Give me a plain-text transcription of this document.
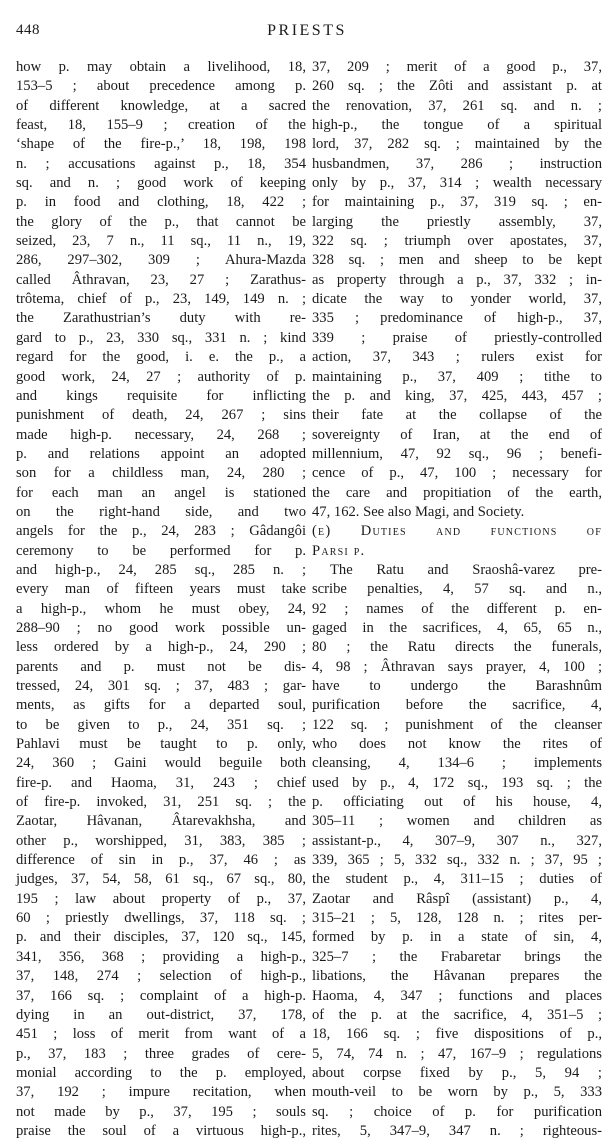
448	PRIESTS
how p. may obtain a livelihood, 18,
153–5 ; about precedence among p.
of different knowledge, at a sacred
feast, 18, 155–9 ; creation of the
‘shape of the fire-p.,’ 18, 198, 198
n. ; accusations against p., 18, 354
sq. and n. ; good work of keeping
p. in food and clothing, 18, 422 ;
the glory of the p., that cannot be
seized, 23, 7 n., 11 sq., 11 n., 19,
286, 297–302, 309 ; Ahura-Mazda
called Âthravan, 23, 27 ; Zarathus-
trôtema, chief of p., 23, 149, 149 n. ;
the Zarathustrian’s duty with re-
gard to p., 23, 330 sq., 331 n. ; kind
regard for the good, i. e. the p., a
good work, 24, 27 ; authority of p.
and kings requisite for inflicting
punishment of death, 24, 267 ; sins
made high-p. necessary, 24, 268 ;
p. and relations appoint an adopted
son for a childless man, 24, 280 ;
for each man an angel is stationed
on the right-hand side, and two
angels for the p., 24, 283 ; Gâdangôi
ceremony to be performed for p.
and high-p., 24, 285 sq., 285 n. ;
every man of fifteen years must take
a high-p., whom he must obey, 24,
288–90 ; no good work possible un-
less ordered by a high-p., 24, 290 ;
parents and p. must not be dis-
tressed, 24, 301 sq. ; 37, 483 ; gar-
ments, as gifts for a departed soul,
to be given to p., 24, 351 sq. ;
Pahlavi must be taught to p. only,
24, 360 ; Gaini would beguile both
fire-p. and Haoma, 31, 243 ; chief
of fire-p. invoked, 31, 251 sq. ; the
Zaotar, Hâvanan, Âtarevakhsha, and
other p., worshipped, 31, 383, 385 ;
difference of sin in p., 37, 46 ; as
judges, 37, 54, 58, 61 sq., 67 sq., 80,
195 ; law about property of p., 37,
60 ; priestly dwellings, 37, 118 sq. ;
p. and their disciples, 37, 120 sq., 145,
341, 356, 368 ; providing a high-p.,
37, 148, 274 ; selection of high-p.,
37, 166 sq. ; complaint of a high-p.
dying in an out-district, 37, 178,
451 ; loss of merit from want of a
p., 37, 183 ; three grades of cere-
monial according to the p. employed,
37, 192 ; impure recitation, when
not made by p., 37, 195 ; souls
praise the soul of a virtuous high-p.,
37, 209 ; merit of a good p., 37,
260 sq. ; the Zôti and assistant p. at
the renovation, 37, 261 sq. and n. ;
high-p., the tongue of a spiritual
lord, 37, 282 sq. ; maintained by the
husbandmen, 37, 286 ; instruction
only by p., 37, 314 ; wealth necessary
for maintaining p., 37, 319 sq. ; en-
larging the priestly assembly, 37,
322 sq. ; triumph over apostates, 37,
328 sq. ; men and sheep to be kept
as property through a p., 37, 332 ; in-
dicate the way to yonder world, 37,
335 ; predominance of high-p., 37,
339 ; praise of priestly-controlled
action, 37, 343 ; rulers exist for
maintaining p., 37, 409 ; tithe to
the p. and king, 37, 425, 443, 457 ;
their fate at the collapse of the
sovereignty of Iran, at the end of
millennium, 47, 92 sq., 96 ; benefi-
cence of p., 47, 100 ; necessary for
the care and propitiation of the earth,
47, 162. See also Magi, and Society.
(e) Duties and functions of
Parsi p.
The Ratu and Sraoshâ-varez pre-
scribe penalties, 4, 57 sq. and n.,
92 ; names of the different p. en-
gaged in the sacrifices, 4, 65, 65 n.,
80 ; the Ratu directs the funerals,
4, 98 ; Âthravan says prayer, 4, 100 ;
have to undergo the Barashnûm
purification before the sacrifice, 4,
122 sq. ; punishment of the cleanser
who does not know the rites of
cleansing, 4, 134–6 ; implements
used by p., 4, 172 sq., 193 sq. ; the
p. officiating out of his house, 4,
305–11 ; women and children as
assistant-p., 4, 307–9, 307 n., 327,
339, 365 ; 5, 332 sq., 332 n. ; 37, 95 ;
the student p., 4, 311–15 ; duties of
Zaotar and Râspî (assistant) p., 4,
315–21 ; 5, 128, 128 n. ; rites per-
formed by p. in a state of sin, 4,
325–7 ; the Frabaretar brings the
libations, the Hâvanan prepares the
Haoma, 4, 347 ; functions and places
of the p. at the sacrifice, 4, 351–5 ;
18, 166 sq. ; five dispositions of p.,
5, 74, 74 n. ; 47, 167–9 ; regulations
about corpse fixed by p., 5, 94 ;
mouth-veil to be worn by p., 5, 333
sq. ; choice of p. for purification
rites, 5, 347–9, 347 n. ; righteous-
